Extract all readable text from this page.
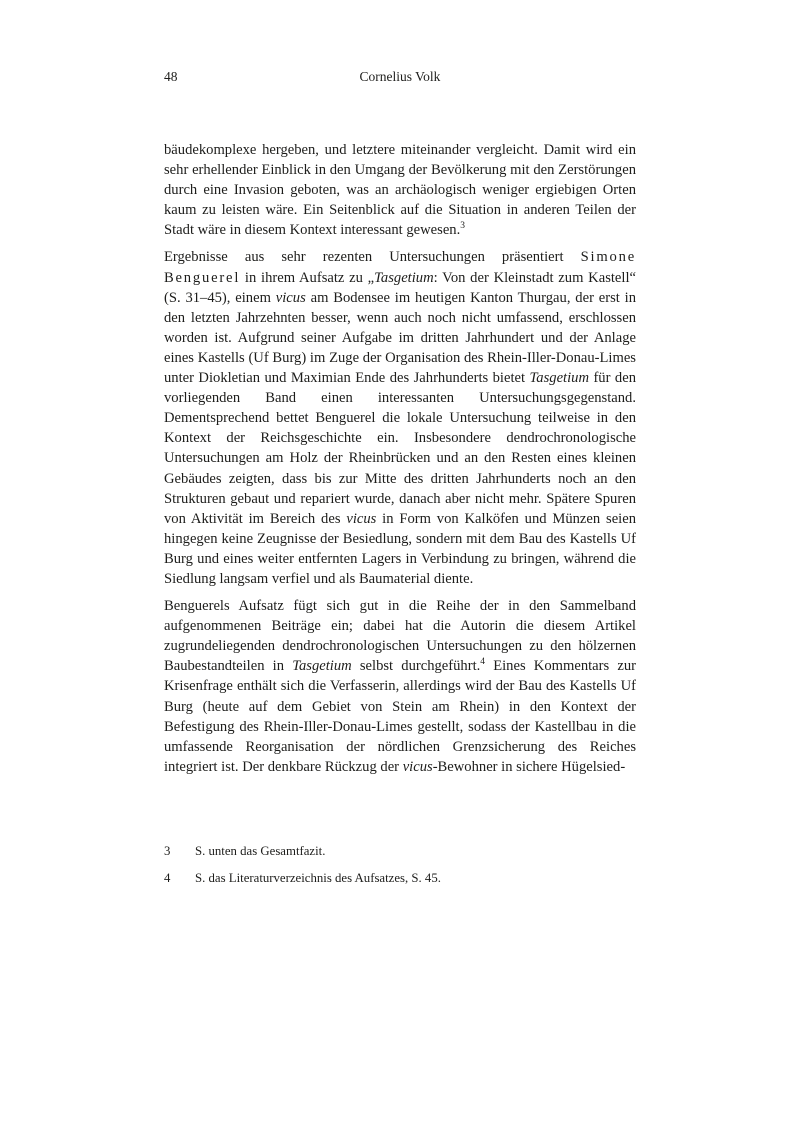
48	Cornelius Volk

bäudekomplexe hergeben, und letztere miteinander vergleicht. Damit wird ein sehr erhellender Einblick in den Umgang der Bevölkerung mit den Zerstörungen durch eine Invasion geboten, was an archäologisch weniger ergiebigen Orten kaum zu leisten wäre. Ein Seitenblick auf die Situation in anderen Teilen der Stadt wäre in diesem Kontext interessant gewesen.$^3$

Ergebnisse aus sehr rezenten Untersuchungen präsentiert Simone Benguerel in ihrem Aufsatz zu „Tasgetium: Von der Kleinstadt zum Kastell“ (S. 31–45), einem vicus am Bodensee im heutigen Kanton Thurgau, der erst in den letzten Jahrzehnten besser, wenn auch noch nicht umfassend, erschlossen worden ist. Aufgrund seiner Aufgabe im dritten Jahrhundert und der Anlage eines Kastells (Uf Burg) im Zuge der Organisation des Rhein-Iller-Donau-Limes unter Diokletian und Maximian Ende des Jahrhunderts bietet Tasgetium für den vorliegenden Band einen interessanten Untersuchungsgegenstand. Dementsprechend bettet Benguerel die lokale Untersuchung teilweise in den Kontext der Reichsgeschichte ein. Insbesondere dendrochronologische Untersuchungen am Holz der Rheinbrücken und an den Resten eines kleinen Gebäudes zeigten, dass bis zur Mitte des dritten Jahrhunderts noch an den Strukturen gebaut und repariert wurde, danach aber nicht mehr. Spätere Spuren von Aktivität im Bereich des vicus in Form von Kalköfen und Münzen seien hingegen keine Zeugnisse der Besiedlung, sondern mit dem Bau des Kastells Uf Burg und eines weiter entfernten Lagers in Verbindung zu bringen, während die Siedlung langsam verfiel und als Baumaterial diente.

Benguerels Aufsatz fügt sich gut in die Reihe der in den Sammelband aufgenommenen Beiträge ein; dabei hat die Autorin die diesem Artikel zugrundeliegenden dendrochronologischen Untersuchungen zu den hölzernen Baubestandteilen in Tasgetium selbst durchgeführt.$^4$ Eines Kommentars zur Krisenfrage enthält sich die Verfasserin, allerdings wird der Bau des Kastells Uf Burg (heute auf dem Gebiet von Stein am Rhein) in den Kontext der Befestigung des Rhein-Iller-Donau-Limes gestellt, sodass der Kastellbau in die umfassende Reorganisation der nördlichen Grenzsicherung des Reiches integriert ist. Der denkbare Rückzug der vicus-Bewohner in sichere Hügelsied-

3 S. unten das Gesamtfazit.
4 S. das Literaturverzeichnis des Aufsatzes, S. 45.
